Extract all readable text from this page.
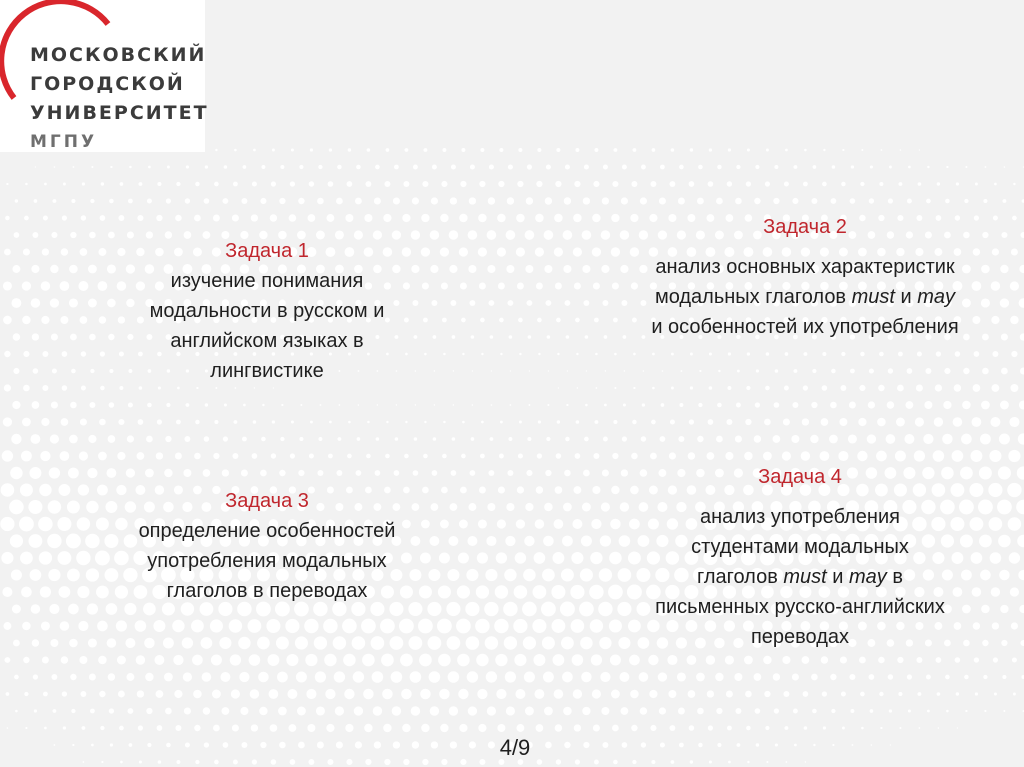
МОСКОВСКИЙ
ГОРОДСКОЙ
УНИВЕРСИТЕТ
МГПУ
Задача 1
изучение понимания модальности в русском и английском языках в лингвистике
Задача 2
анализ основных характеристик модальных глаголов must и may и особенностей их употребления
Задача 3
определение особенностей употребления модальных глаголов в переводах
Задача 4
анализ употребления студентами модальных глаголов must и may в письменных русско-английских переводах
4/9
